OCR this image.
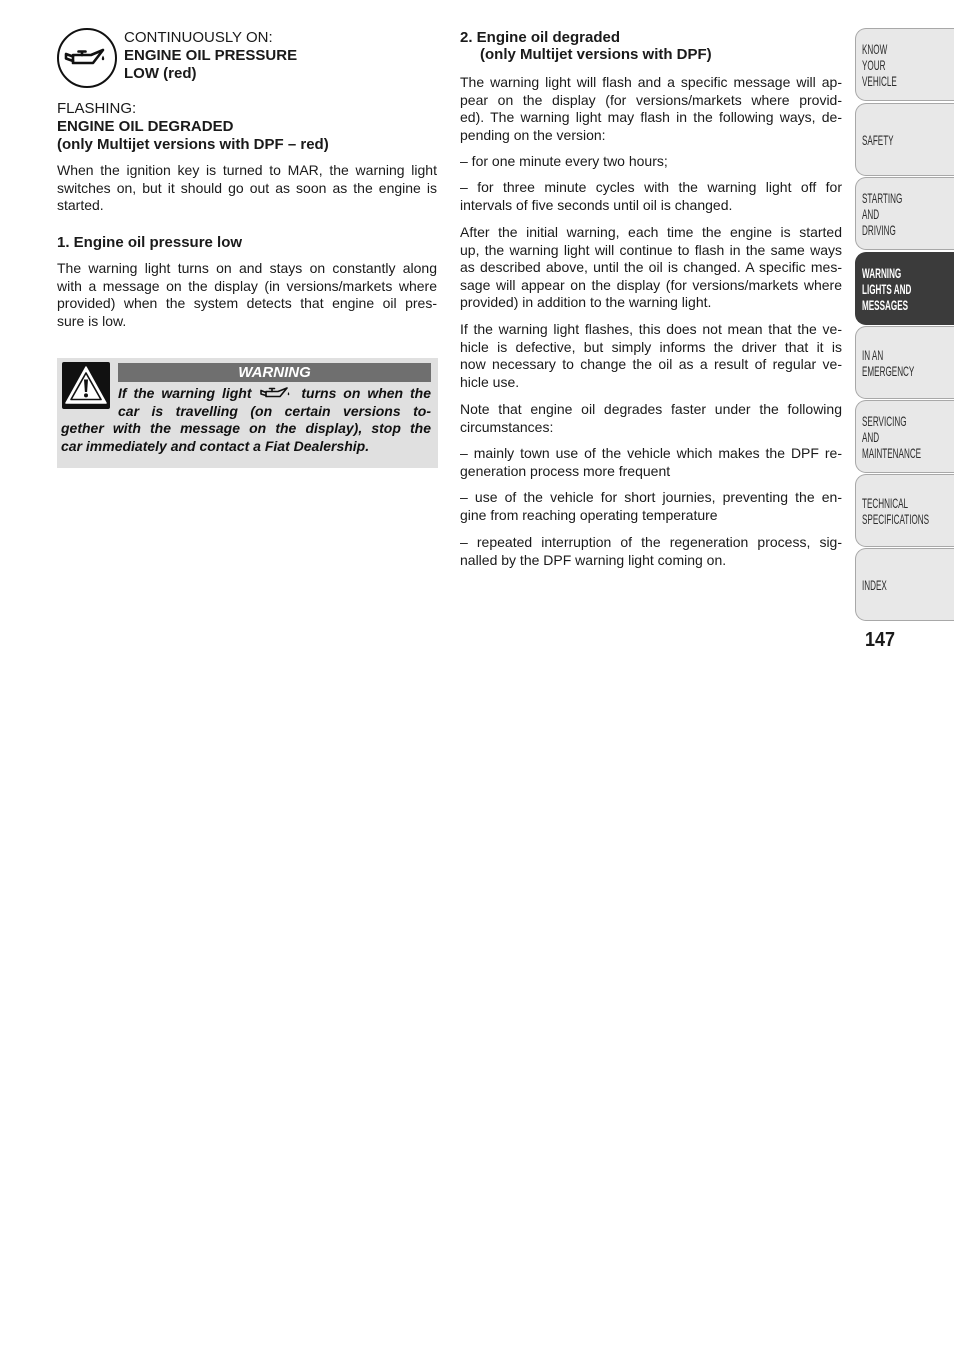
CONTINUOUSLY ON:
ENGINE OIL PRESSURE
LOW (red)
FLASHING:
ENGINE OIL DEGRADED
(only Multijet versions with DPF – red)
When the ignition key is turned to MAR, the warning light
switches on, but it should go out as soon as the engine is
started.
1. Engine oil pressure low
The warning light turns on and stays on constantly along
with a message on the display (in versions/markets where
provided) when the system detects that engine oil pres-
sure is low.
WARNING
If the warning light	turns on when the
car is travelling (on certain versions to-
gether with the message on the display), stop the
car immediately and contact a Fiat Dealership.
2. Engine oil degraded
(only Multijet versions with DPF)
The warning light will flash and a specific message will ap-
pear on the display (for versions/markets where provid-
ed). The warning light may flash in the following ways, de-
pending on the version:
– for one minute every two hours;
– for three minute cycles with the warning light off for
intervals of five seconds until oil is changed.
After the initial warning, each time the engine is started
up, the warning light will continue to flash in the same ways
as described above, until the oil is changed. A specific mes-
sage will appear on the display (for versions/markets where
provided) in addition to the warning light.
If the warning light flashes, this does not mean that the ve-
hicle is defective, but simply informs the driver that it is
now necessary to change the oil as a result of regular ve-
hicle use.
Note that engine oil degrades faster under the following
circumstances:
– mainly town use of the vehicle which makes the DPF re-
generation process more frequent
– use of the vehicle for short journies, preventing the en-
gine from reaching operating temperature
– repeated interruption of the regeneration process, sig-
nalled by the DPF warning light coming on.
KNOW
YOUR
VEHICLE
SAFETY
STARTING
AND
DRIVING
WARNING
LIGHTS AND
MESSAGES
IN AN
EMERGENCY
SERVICING
AND
MAINTENANCE
TECHNICAL
SPECIFICATIONS
INDEX
147
